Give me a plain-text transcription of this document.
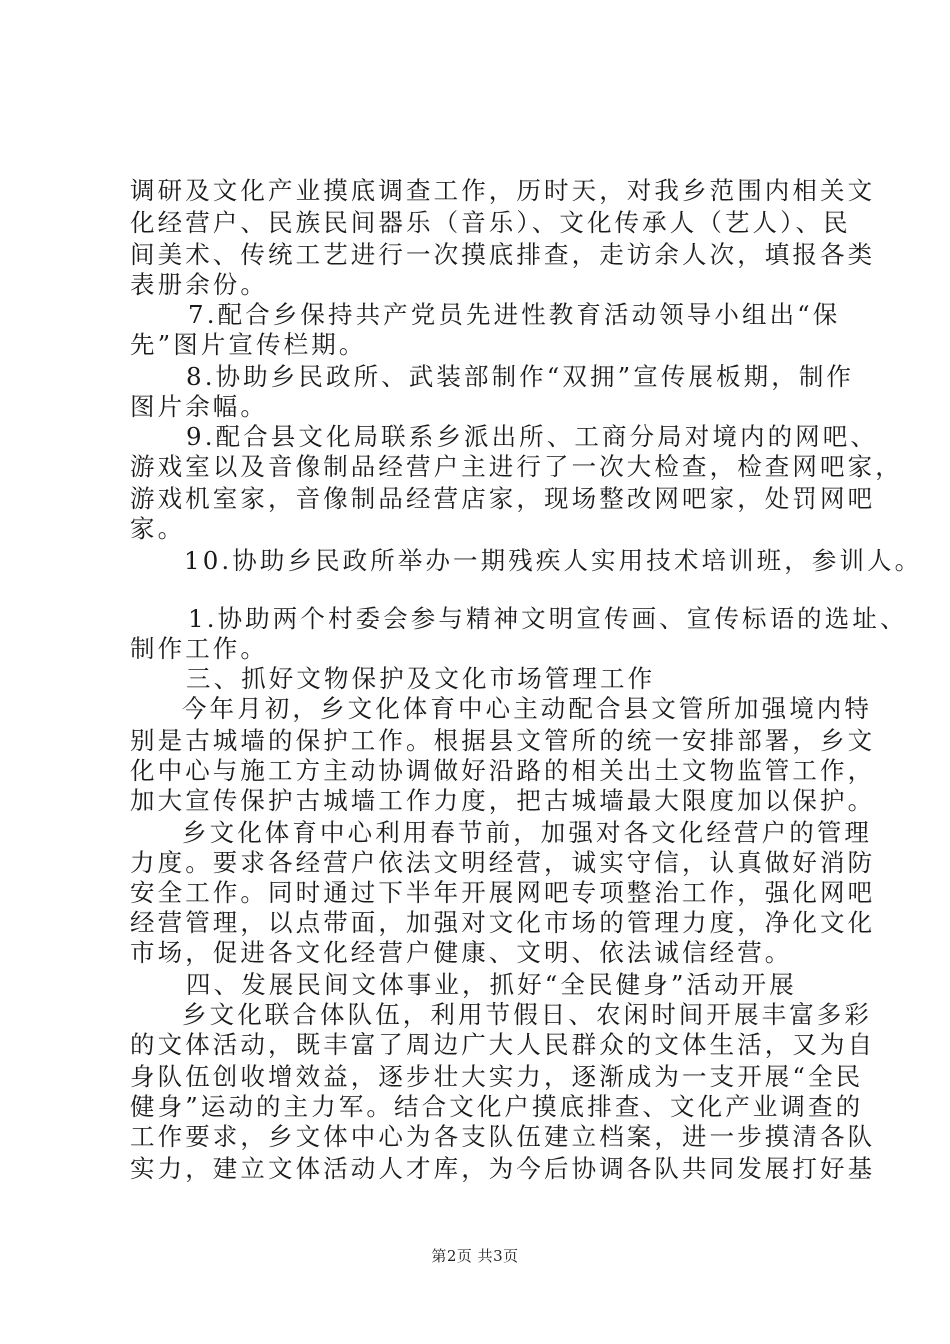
调研及文化产业摸底调查工作，历时天，对我乡范围内相关文
化经营户、民族民间器乐（音乐）、文化传承人（艺人）、民
间美术、传统工艺进行一次摸底排查，走访余人次，填报各类
表册余份。
7.配合乡保持共产党员先进性教育活动领导小组出“保
先”图片宣传栏期。
8.协助乡民政所、武装部制作“双拥”宣传展板期，制作
图片余幅。
9.配合县文化局联系乡派出所、工商分局对境内的网吧、
游戏室以及音像制品经营户主进行了一次大检查，检查网吧家，
游戏机室家，音像制品经营店家，现场整改网吧家，处罚网吧
家。
10.协助乡民政所举办一期残疾人实用技术培训班，参训人。
1.协助两个村委会参与精神文明宣传画、宣传标语的选址、
制作工作。
三、抓好文物保护及文化市场管理工作
今年月初，乡文化体育中心主动配合县文管所加强境内特
别是古城墙的保护工作。根据县文管所的统一安排部署，乡文
化中心与施工方主动协调做好沿路的相关出土文物监管工作，
加大宣传保护古城墙工作力度，把古城墙最大限度加以保护。
乡文化体育中心利用春节前，加强对各文化经营户的管理
力度。要求各经营户依法文明经营，诚实守信，认真做好消防
安全工作。同时通过下半年开展网吧专项整治工作，强化网吧
经营管理，以点带面，加强对文化市场的管理力度，净化文化
市场，促进各文化经营户健康、文明、依法诚信经营。
四、发展民间文体事业，抓好“全民健身”活动开展
乡文化联合体队伍，利用节假日、农闲时间开展丰富多彩
的文体活动，既丰富了周边广大人民群众的文体生活，又为自
身队伍创收增效益，逐步壮大实力，逐渐成为一支开展“全民
健身”运动的主力军。结合文化户摸底排查、文化产业调查的
工作要求，乡文体中心为各支队伍建立档案，进一步摸清各队
实力，建立文体活动人才库，为今后协调各队共同发展打好基
第2页 共3页
